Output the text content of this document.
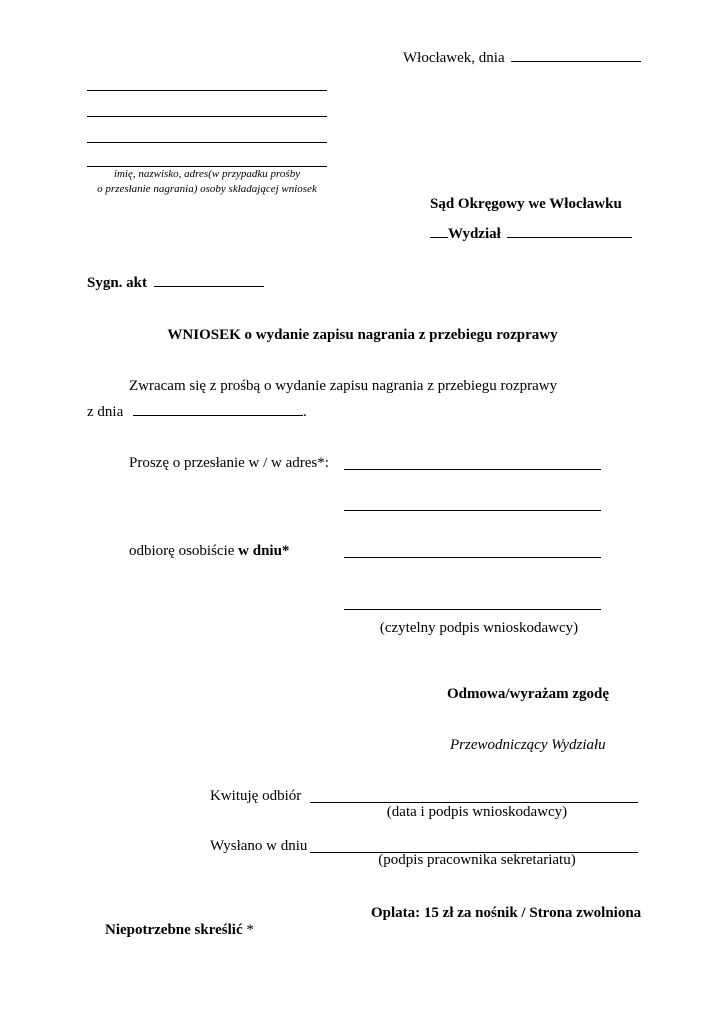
Włocławek, dnia
imię, nazwisko, adres(w przypadku prośby
o przesłanie nagrania) osoby składającej wniosek
Sąd Okręgowy we Włocławku
Wydział
Sygn. akt
WNIOSEK o wydanie zapisu nagrania z przebiegu rozprawy
Zwracam się z prośbą o wydanie zapisu nagrania z przebiegu rozprawy
z dnia	.
Proszę o przesłanie w / w adres*:
odbiorę osobiście w dniu*
(czytelny podpis wnioskodawcy)
Odmowa/wyrażam zgodę
Przewodniczący Wydziału
Kwituję odbiór
(data i podpis wnioskodawcy)
Wysłano w dniu
(podpis pracownika sekretariatu)
Oplata: 15 zł za nośnik / Strona zwolniona
Niepotrzebne skreślić *
